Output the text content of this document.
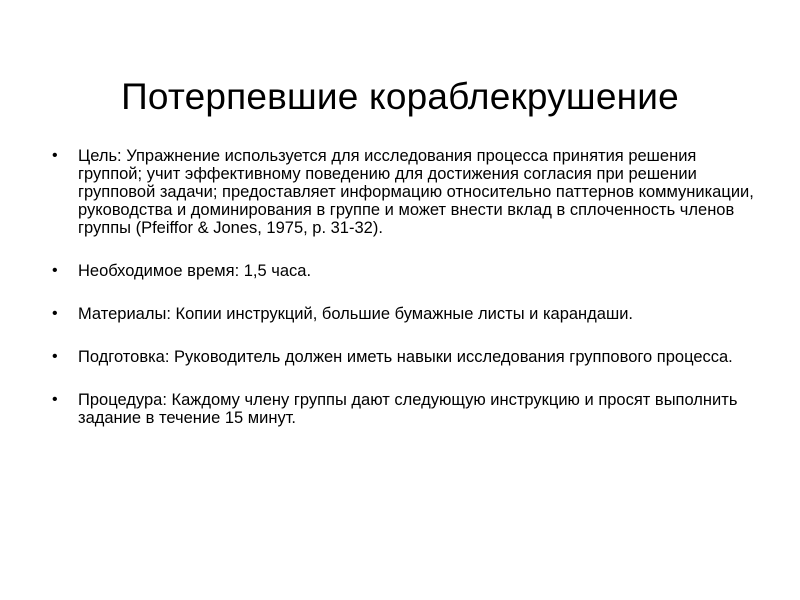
Потерпевшие кораблекрушение
• Цель: Упражнение используется для исследования процесса принятия решения группой; учит эффективному поведению для достижения согласия при решении групповой задачи; предоставляет информацию относительно паттернов коммуникации, руководства и доминирования в группе и может внести вклад в сплоченность членов группы (Pfeiffor & Jones, 1975, p. 31-32).
• Необходимое время: 1,5 часа.
• Материалы: Копии инструкций, большие бумажные листы и карандаши.
• Подготовка: Руководитель должен иметь навыки исследования группового процесса.
• Процедура: Каждому члену группы дают следующую инструкцию и просят выполнить задание в течение 15 минут.
